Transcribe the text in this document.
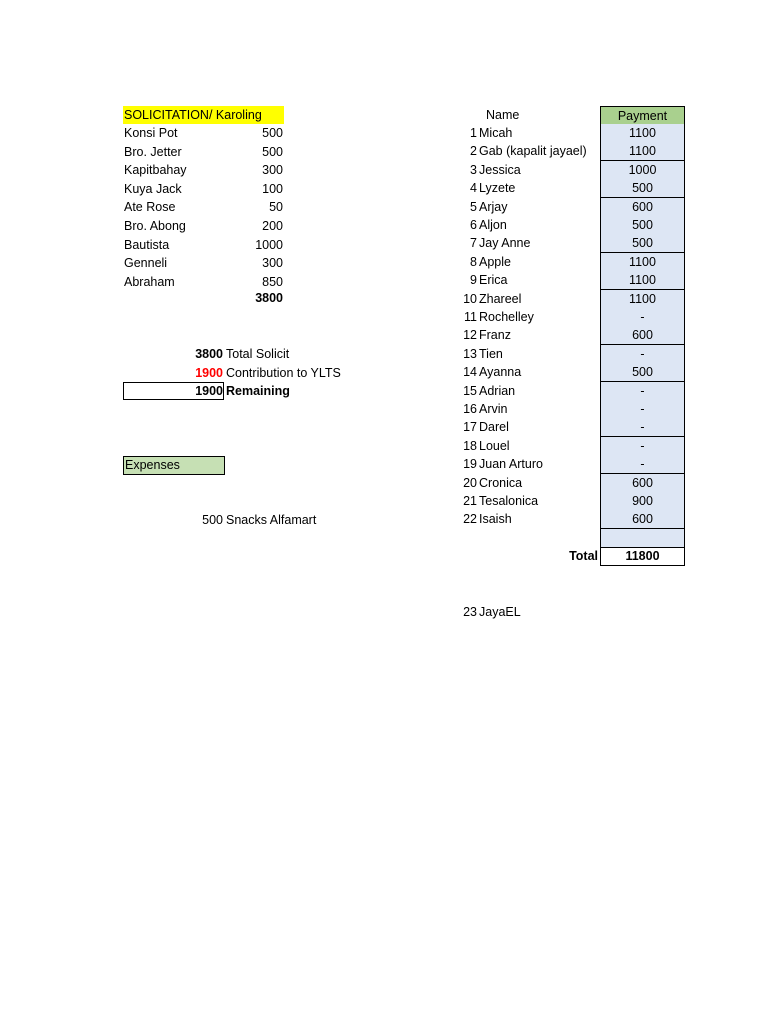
SOLICITATION/ Karoling
Konsi Pot	500
Bro. Jetter	500
Kapitbahay	300
Kuya Jack	100
Ate Rose	50
Bro. Abong	200
Bautista	1000
Genneli	300
Abraham	850
3800
3800 Total Solicit
1900 Contribution to YLTS
1900 Remaining
Expenses
500 Snacks Alfamart
Name	Payment
1 Micah	1100
2 Gab (kapalit jayael)	1100
3 Jessica	1000
4 Lyzete	500
5 Arjay	600
6 Aljon	500
7 Jay Anne	500
8 Apple	1100
9 Erica	1100
10 Zhareel	1100
11 Rochelley	-
12 Franz	600
13 Tien	-
14 Ayanna	500
15 Adrian	-
16 Arvin	-
17 Darel	-
18 Louel	-
19 Juan Arturo	-
20 Cronica	600
21 Tesalonica	900
22 Isaish	600
Total	11800
23 JayaEL
